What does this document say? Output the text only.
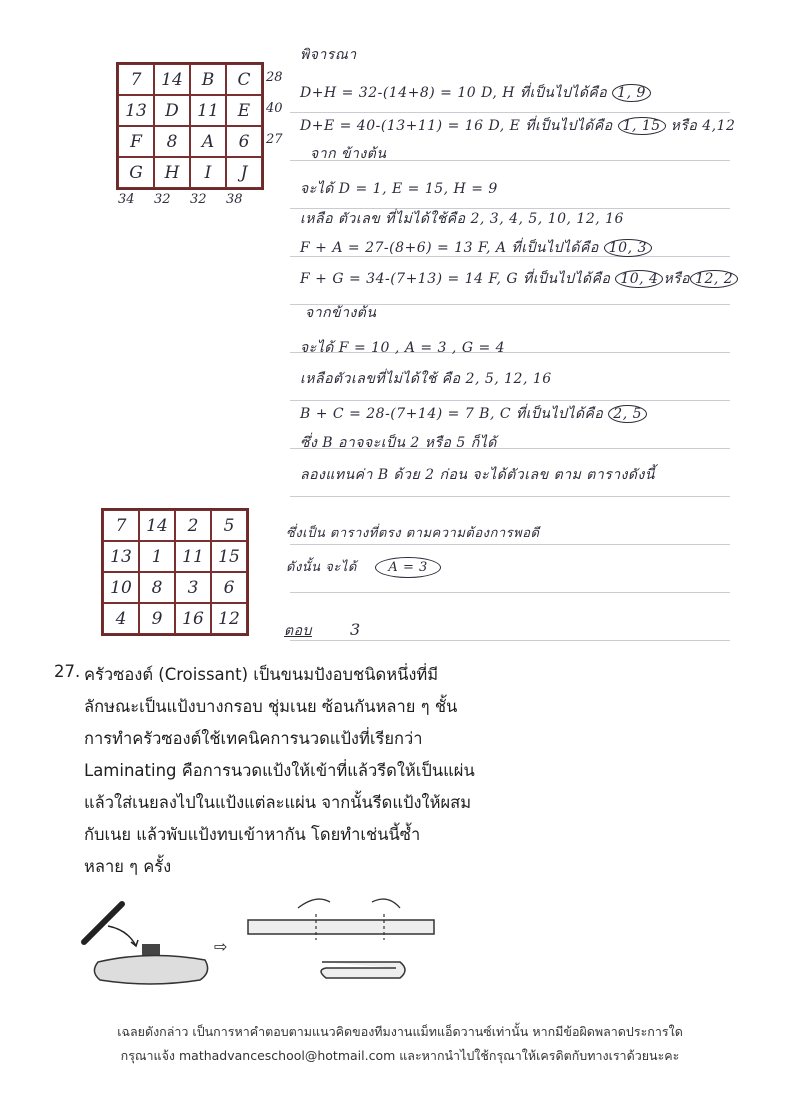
7	14	B	C
13	D	11	E
F	8	A	6
G	H	I	J
28
40
27
34 32 32 38
พิจารณา
D+H = 32-(14+8) = 10 D, H ที่เป็นไปได้คือ 1, 9
D+E = 40-(13+11) = 16 D, E ที่เป็นไปได้คือ 1, 15 หรือ 4,12
จาก ข้างต้น
จะได้ D = 1, E = 15, H = 9
เหลือ ตัวเลข ที่ไม่ได้ใช้คือ 2, 3, 4, 5, 10, 12, 16
F + A = 27-(8+6) = 13 F, A ที่เป็นไปได้คือ 10, 3
F + G = 34-(7+13) = 14 F, G ที่เป็นไปได้คือ 10, 4 หรือ 12, 2
จากข้างต้น
จะได้ F = 10 , A = 3 , G = 4
เหลือตัวเลขที่ไม่ได้ใช้ คือ 2, 5, 12, 16
B + C = 28-(7+14) = 7 B, C ที่เป็นไปได้คือ 2, 5
ซึ่ง B อาจจะเป็น 2 หรือ 5 ก็ได้
ลองแทนค่า B ด้วย 2 ก่อน จะได้ตัวเลข ตาม ตารางดังนี้
7	14	2	5
13	1	11 15
10	8	3	6
4	9	16 12
ซึ่งเป็น ตารางที่ตรง ตามความต้องการพอดี
ดังนั้น จะได้ A = 3
ตอบ 3
27. ครัวซองต์ (Croissant) เป็นขนมปังอบชนิดหนึ่งที่มี
ลักษณะเป็นแป้งบางกรอบ ชุ่มเนย ซ้อนกันหลาย ๆ ชั้น
การทำครัวซองต์ใช้เทคนิคการนวดแป้งที่เรียกว่า
Laminating คือการนวดแป้งให้เข้าที่แล้วรีดให้เป็นแผ่น
แล้วใส่เนยลงไปในแป้งแต่ละแผ่น จากนั้นรีดแป้งให้ผสม
กับเนย แล้วพับแป้งทบเข้าหากัน โดยทำเช่นนี้ซ้ำ
หลาย ๆ ครั้ง
⇨
เฉลยดังกล่าว เป็นการหาคำตอบตามแนวคิดของทีมงานแม็ทแอ็ดวานซ์เท่านั้น หากมีข้อผิดพลาดประการใด
กรุณาแจ้ง mathadvanceschool@hotmail.com และหากนำไปใช้กรุณาให้เครดิตกับทางเราด้วยนะคะ
